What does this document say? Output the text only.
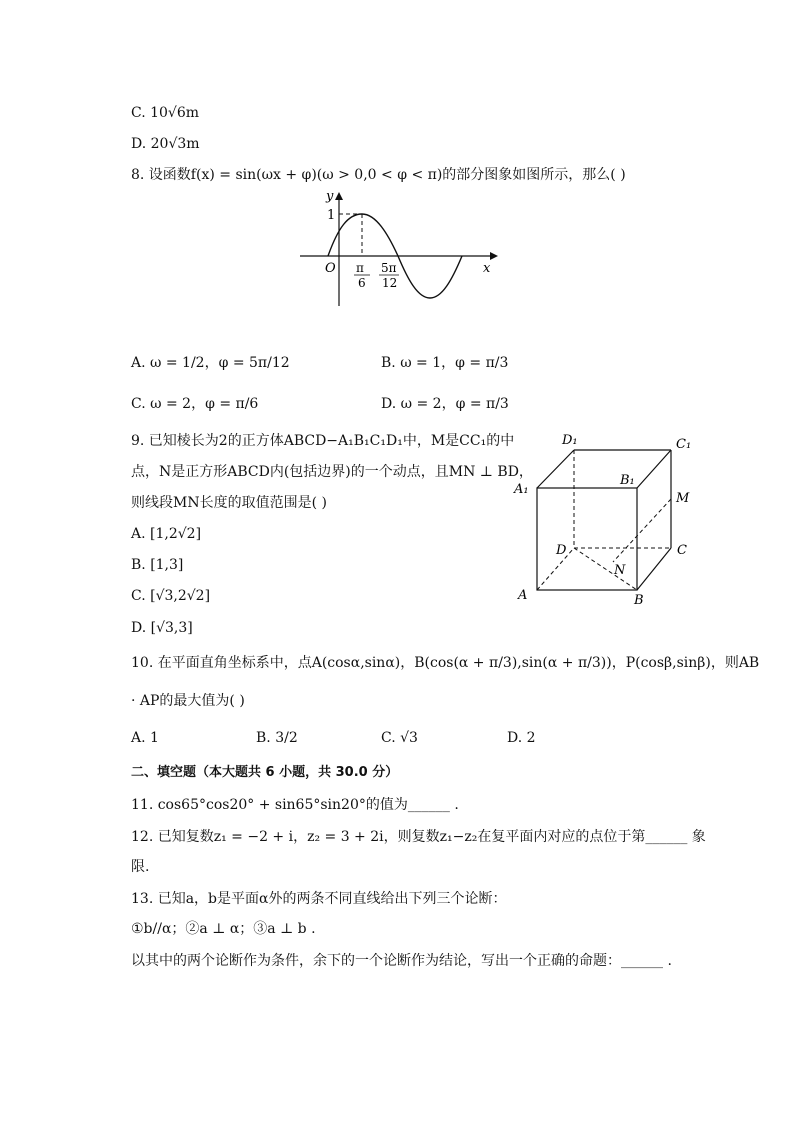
C. 10√6m
D. 20√3m
8. 设函数f(x) = sin(ωx + φ)(ω > 0,0 < φ < π)的部分图象如图所示，那么( )
y
x
O
1
π
6
5π
12
A. ω = 1/2，φ = 5π/12	B. ω = 1，φ = π/3
C. ω = 2，φ = π/6	D. ω = 2，φ = π/3
9. 已知棱长为2的正方体ABCD−A₁B₁C₁D₁中，M是CC₁的中
点，N是正方形ABCD内(包括边界)的一个动点，且MN ⊥ BD，
则线段MN长度的取值范围是( )
A. [1,2√2]
B. [1,3]
C. [√3,2√2]
D. [√3,3]
D₁	C₁
B₁
A₁
M
D	C
N
A	B
10. 在平面直角坐标系中，点A(cosα,sinα)，B(cos(α + π/3),sin(α + π/3))，P(cosβ,sinβ)，则AB
· AP的最大值为( )
A. 1	B. 3/2	C. √3	D. 2
二、填空题（本大题共 6 小题，共 30.0 分）
11. cos65°cos20° + sin65°sin20°的值为______ .
12. 已知复数z₁ = −2 + i，z₂ = 3 + 2i，则复数z₁−z₂在复平面内对应的点位于第______ 象
限.
13. 已知a，b是平面α外的两条不同直线给出下列三个论断：
①b//α；②a ⊥ α；③a ⊥ b .
以其中的两个论断作为条件，余下的一个论断作为结论，写出一个正确的命题：______ .
